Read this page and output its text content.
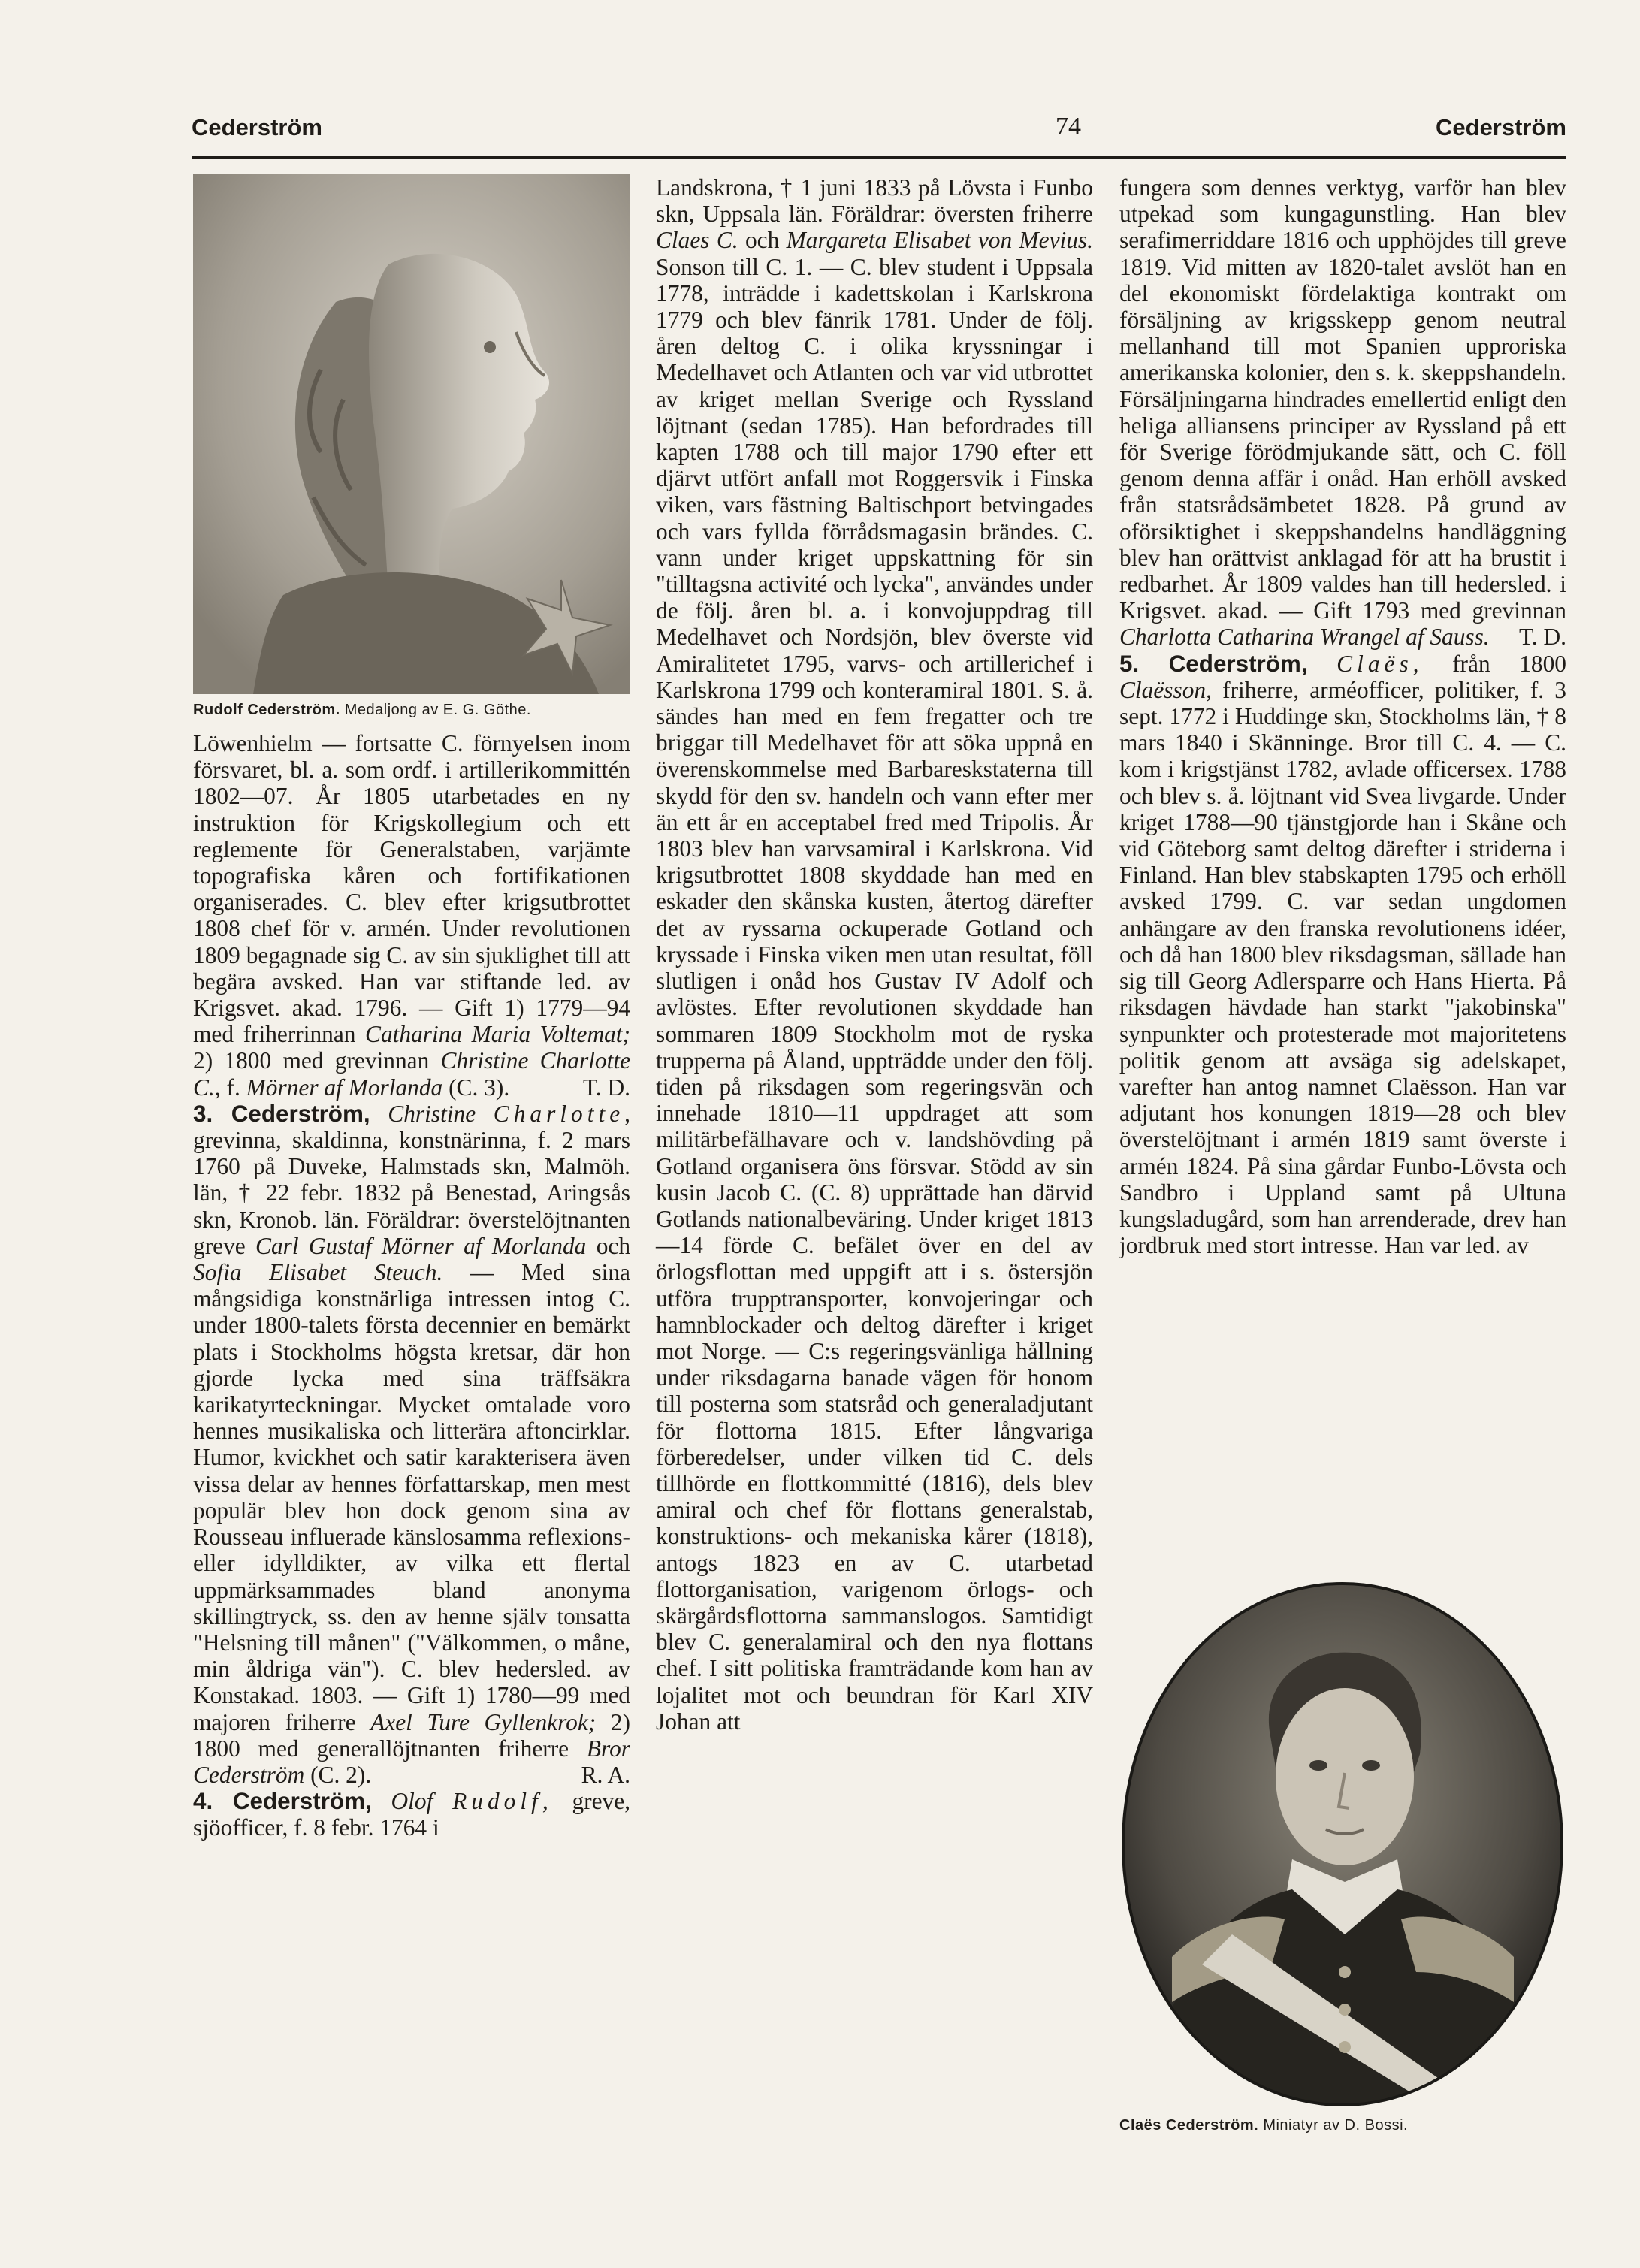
Cederström	74	Cederström
Rudolf Cederström. Medaljong av E. G. Göthe.

Löwenhielm — fortsatte C. förnyelsen inom försvaret, bl. a. som ordf. i artillerikommittén 1802—07. År 1805 utarbetades en ny instruktion för Krigskollegium och ett reglemente för Generalstaben, varjämte topografiska kåren och fortifikationen organiserades. C. blev efter krigsutbrottet 1808 chef för v. armén. Under revolutionen 1809 begagnade sig C. av sin sjuklighet till att begära avsked. Han var stiftande led. av Krigsvet. akad. 1796. — Gift 1) 1779—94 med friherrinnan Catharina Maria Voltemat; 2) 1800 med grevinnan Christine Charlotte C., f. Mörner af Morlanda (C. 3).	T. D.

3. Cederström, Christine Charlotte, grevinna, skaldinna, konstnärinna, f. 2 mars 1760 på Duveke, Halmstads skn, Malmöh. län, † 22 febr. 1832 på Benestad, Aringsås skn, Kronob. län. Föräldrar: överstelöjtnanten greve Carl Gustaf Mörner af Morlanda och Sofia Elisabet Steuch. — Med sina mångsidiga konstnärliga intressen intog C. under 1800-talets första decennier en bemärkt plats i Stockholms högsta kretsar, där hon gjorde lycka med sina träffsäkra karikatyrteckningar. Mycket omtalade voro hennes musikaliska och litterära aftoncirklar. Humor, kvickhet och satir karakterisera även vissa delar av hennes författarskap, men mest populär blev hon dock genom sina av Rousseau influerade känslosamma reflexions- eller idylldikter, av vilka ett flertal uppmärksammades bland anonyma skillingtryck, ss. den av henne själv tonsatta "Helsning till månen" ("Välkommen, o måne, min åldriga vän"). C. blev hedersled. av Konstakad. 1803. — Gift 1) 1780—99 med majoren friherre Axel Ture Gyllenkrok; 2) 1800 med generallöjtnanten friherre Bror Cederström (C. 2).	R. A.

4. Cederström, Olof Rudolf, greve, sjöofficer, f. 8 febr. 1764 i

Landskrona, † 1 juni 1833 på Lövsta i Funbo skn, Uppsala län. Föräldrar: översten friherre Claes C. och Margareta Elisabet von Mevius. Sonson till C. 1. — C. blev student i Uppsala 1778, inträdde i kadettskolan i Karlskrona 1779 och blev fänrik 1781. Under de följ. åren deltog C. i olika kryssningar i Medelhavet och Atlanten och var vid utbrottet av kriget mellan Sverige och Ryssland löjtnant (sedan 1785). Han befordrades till kapten 1788 och till major 1790 efter ett djärvt utfört anfall mot Roggersvik i Finska viken, vars fästning Baltischport betvingades och vars fyllda förrådsmagasin brändes. C. vann under kriget uppskattning för sin "tilltagsna activité och lycka", användes under de följ. åren bl. a. i konvojuppdrag till Medelhavet och Nordsjön, blev överste vid Amiralitetet 1795, varvs- och artillerichef i Karlskrona 1799 och konteramiral 1801. S. å. sändes han med en fem fregatter och tre briggar till Medelhavet för att söka uppnå en överenskommelse med Barbareskstaterna till skydd för den sv. handeln och vann efter mer än ett år en acceptabel fred med Tripolis. År 1803 blev han varvsamiral i Karlskrona. Vid krigsutbrottet 1808 skyddade han med en eskader den skånska kusten, återtog därefter det av ryssarna ockuperade Gotland och kryssade i Finska viken men utan resultat, föll slutligen i onåd hos Gustav IV Adolf och avlöstes. Efter revolutionen skyddade han sommaren 1809 Stockholm mot de ryska trupperna på Åland, uppträdde under den följ. tiden på riksdagen som regeringsvän och innehade 1810—11 uppdraget att som militärbefälhavare och v. landshövding på Gotland organisera öns försvar. Stödd av sin kusin Jacob C. (C. 8) upprättade han därvid Gotlands nationalbeväring. Under kriget 1813—14 förde C. befälet över en del av örlogsflottan med uppgift att i s. östersjön utföra trupptransporter, konvojeringar och hamnblockader och deltog därefter i kriget mot Norge. — C:s regeringsvänliga hållning under riksdagarna banade vägen för honom till posterna som statsråd och generaladjutant för flottorna 1815. Efter långvariga förberedelser, under vilken tid C. dels tillhörde en flottkommitté (1816), dels blev amiral och chef för flottans generalstab, konstruktions- och mekaniska kårer (1818), antogs 1823 en av C. utarbetad flottorganisation, varigenom örlogs- och skärgårdsflottorna sammanslogos. Samtidigt blev C. generalamiral och den nya flottans chef. I sitt politiska framträdande kom han av lojalitet mot och beundran för Karl XIV Johan att

fungera som dennes verktyg, varför han blev utpekad som kungagunstling. Han blev serafimerriddare 1816 och upphöjdes till greve 1819. Vid mitten av 1820-talet avslöt han en del ekonomiskt fördelaktiga kontrakt om försäljning av krigsskepp genom neutral mellanhand till mot Spanien upproriska amerikanska kolonier, den s. k. skeppshandeln. Försäljningarna hindrades emellertid enligt den heliga alliansens principer av Ryssland på ett för Sverige förödmjukande sätt, och C. föll genom denna affär i onåd. Han erhöll avsked från statsrådsämbetet 1828. På grund av oförsiktighet i skeppshandelns handläggning blev han orättvist anklagad för att ha brustit i redbarhet. År 1809 valdes han till hedersled. i Krigsvet. akad. — Gift 1793 med grevinnan Charlotta Catharina Wrangel af Sauss. T. D.

5. Cederström, Claës, från 1800 Claësson, friherre, arméofficer, politiker, f. 3 sept. 1772 i Huddinge skn, Stockholms län, † 8 mars 1840 i Skänninge. Bror till C. 4. — C. kom i krigstjänst 1782, avlade officersex. 1788 och blev s. å. löjtnant vid Svea livgarde. Under kriget 1788—90 tjänstgjorde han i Skåne och vid Göteborg samt deltog därefter i striderna i Finland. Han blev stabskapten 1795 och erhöll avsked 1799. C. var sedan ungdomen anhängare av den franska revolutionens idéer, och då han 1800 blev riksdagsman, sällade han sig till Georg Adlersparre och Hans Hierta. På riksdagen hävdade han starkt "jakobinska" synpunkter och protesterade mot majoritetens politik genom att avsäga sig adelskapet, varefter han antog namnet Claësson. Han var adjutant hos konungen 1819—28 och blev överstelöjtnant i armén 1819 samt överste i armén 1824. På sina gårdar Funbo-Lövsta och Sandbro i Uppland samt på Ultuna kungsladugård, som han arrenderade, drev han jordbruk med stort intresse. Han var led. av

Claës Cederström. Miniatyr av D. Bossi.
